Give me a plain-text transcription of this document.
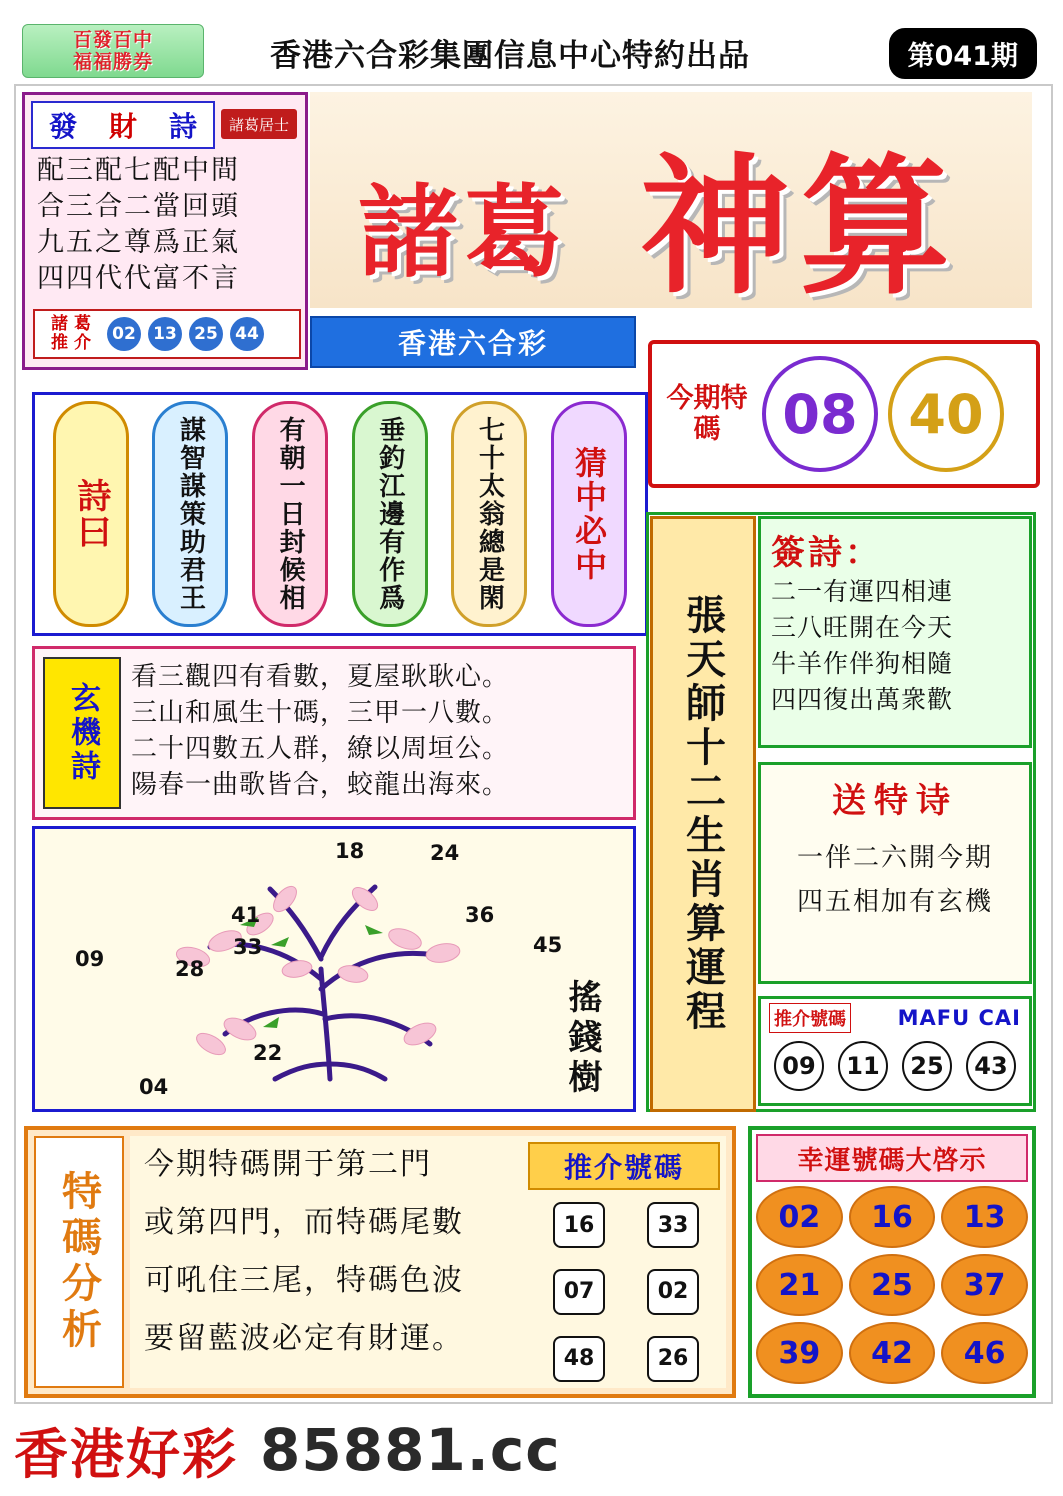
百發百中
福福勝券	香港六合彩集團信息中心特約出品	第041期
發 財 詩	諸葛居士
配三配七配中間
合三合二當回頭
九五之尊爲正氣
四四代代富不言
諸 葛
推 介	02	13	25	44
諸葛 神算
香港六合彩
今期特碼	08 40
詩曰	謀智謀策助君王	有朝一日封候相	垂釣江邊有作爲	七十太翁總是閑	猜中必中
玄機詩
看三觀四有看數，夏屋耿耿心。
三山和風生十碼，三甲一八數。
二十四數五人群，繚以周垣公。
陽春一曲歌皆合，蛟龍出海來。
18	24
41	36
33	45
09	28
22
04	搖錢樹
張天師十二生肖算運程
簽詩：
二一有運四相連
三八旺開在今天
牛羊作伴狗相隨
四四復出萬衆歡
送特诗
一伴二六開今期
四五相加有玄機
推介號碼 MAFU CAI
09	11	25	43
特碼分析
今期特碼開于第二門
或第四門，而特碼尾數
可吼住三尾，特碼色波
要留藍波必定有財運。
推介號碼
16	33
07	02
48	26
幸運號碼大啓示
02	16	13
21	25	37
39	42	46
香港好彩 85881.cc
